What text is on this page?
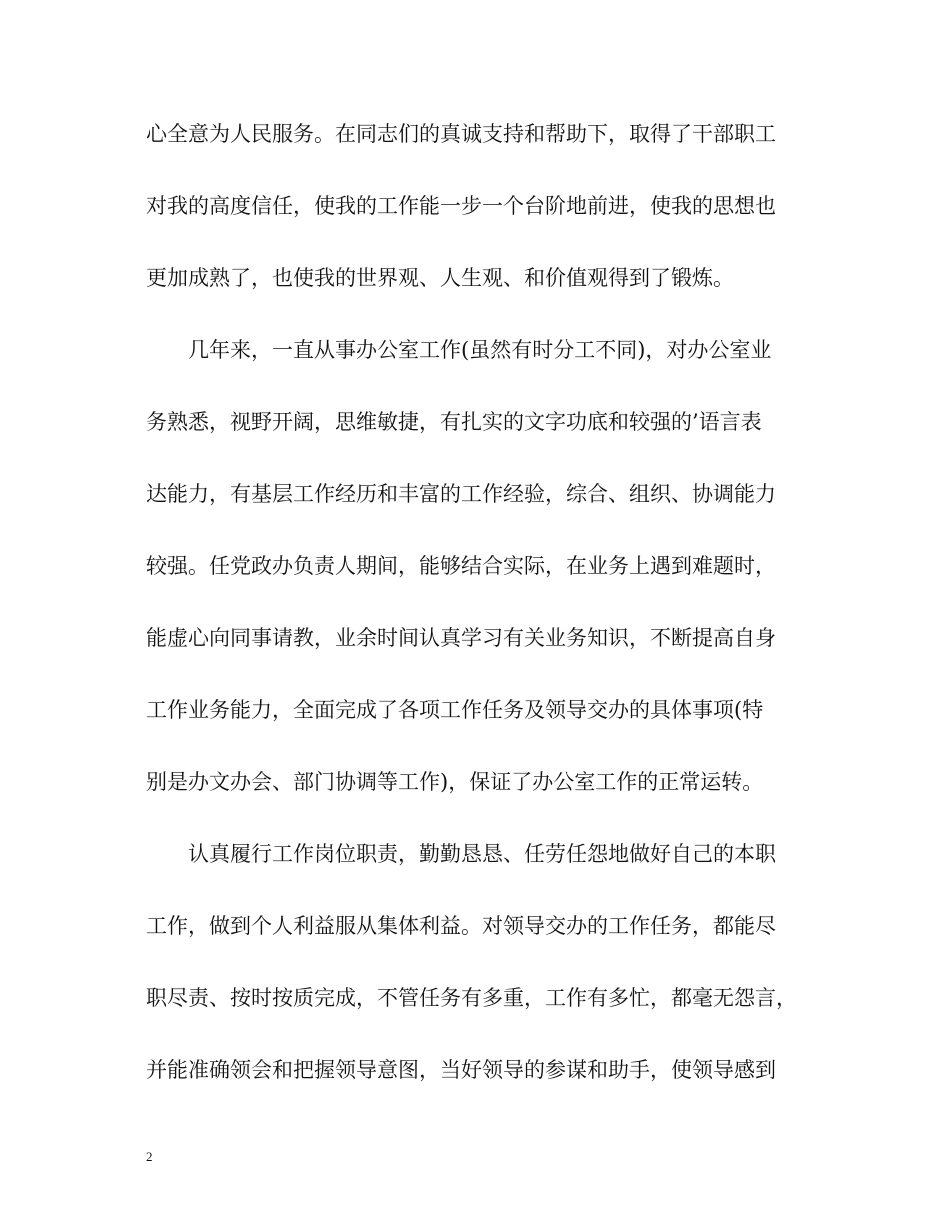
心全意为人民服务。在同志们的真诚支持和帮助下，取得了干部职工

对我的高度信任，使我的工作能一步一个台阶地前进，使我的思想也

更加成熟了，也使我的世界观、人生观、和价值观得到了锻炼。

几年来，一直从事办公室工作(虽然有时分工不同)，对办公室业

务熟悉，视野开阔，思维敏捷，有扎实的文字功底和较强的’语言表

达能力，有基层工作经历和丰富的工作经验，综合、组织、协调能力

较强。任党政办负责人期间，能够结合实际，在业务上遇到难题时，

能虚心向同事请教，业余时间认真学习有关业务知识，不断提高自身

工作业务能力，全面完成了各项工作任务及领导交办的具体事项(特

别是办文办会、部门协调等工作)，保证了办公室工作的正常运转。

认真履行工作岗位职责，勤勤恳恳、任劳任怨地做好自己的本职

工作，做到个人利益服从集体利益。对领导交办的工作任务，都能尽

职尽责、按时按质完成，不管任务有多重，工作有多忙，都毫无怨言，

并能准确领会和把握领导意图，当好领导的参谋和助手，使领导感到

2
